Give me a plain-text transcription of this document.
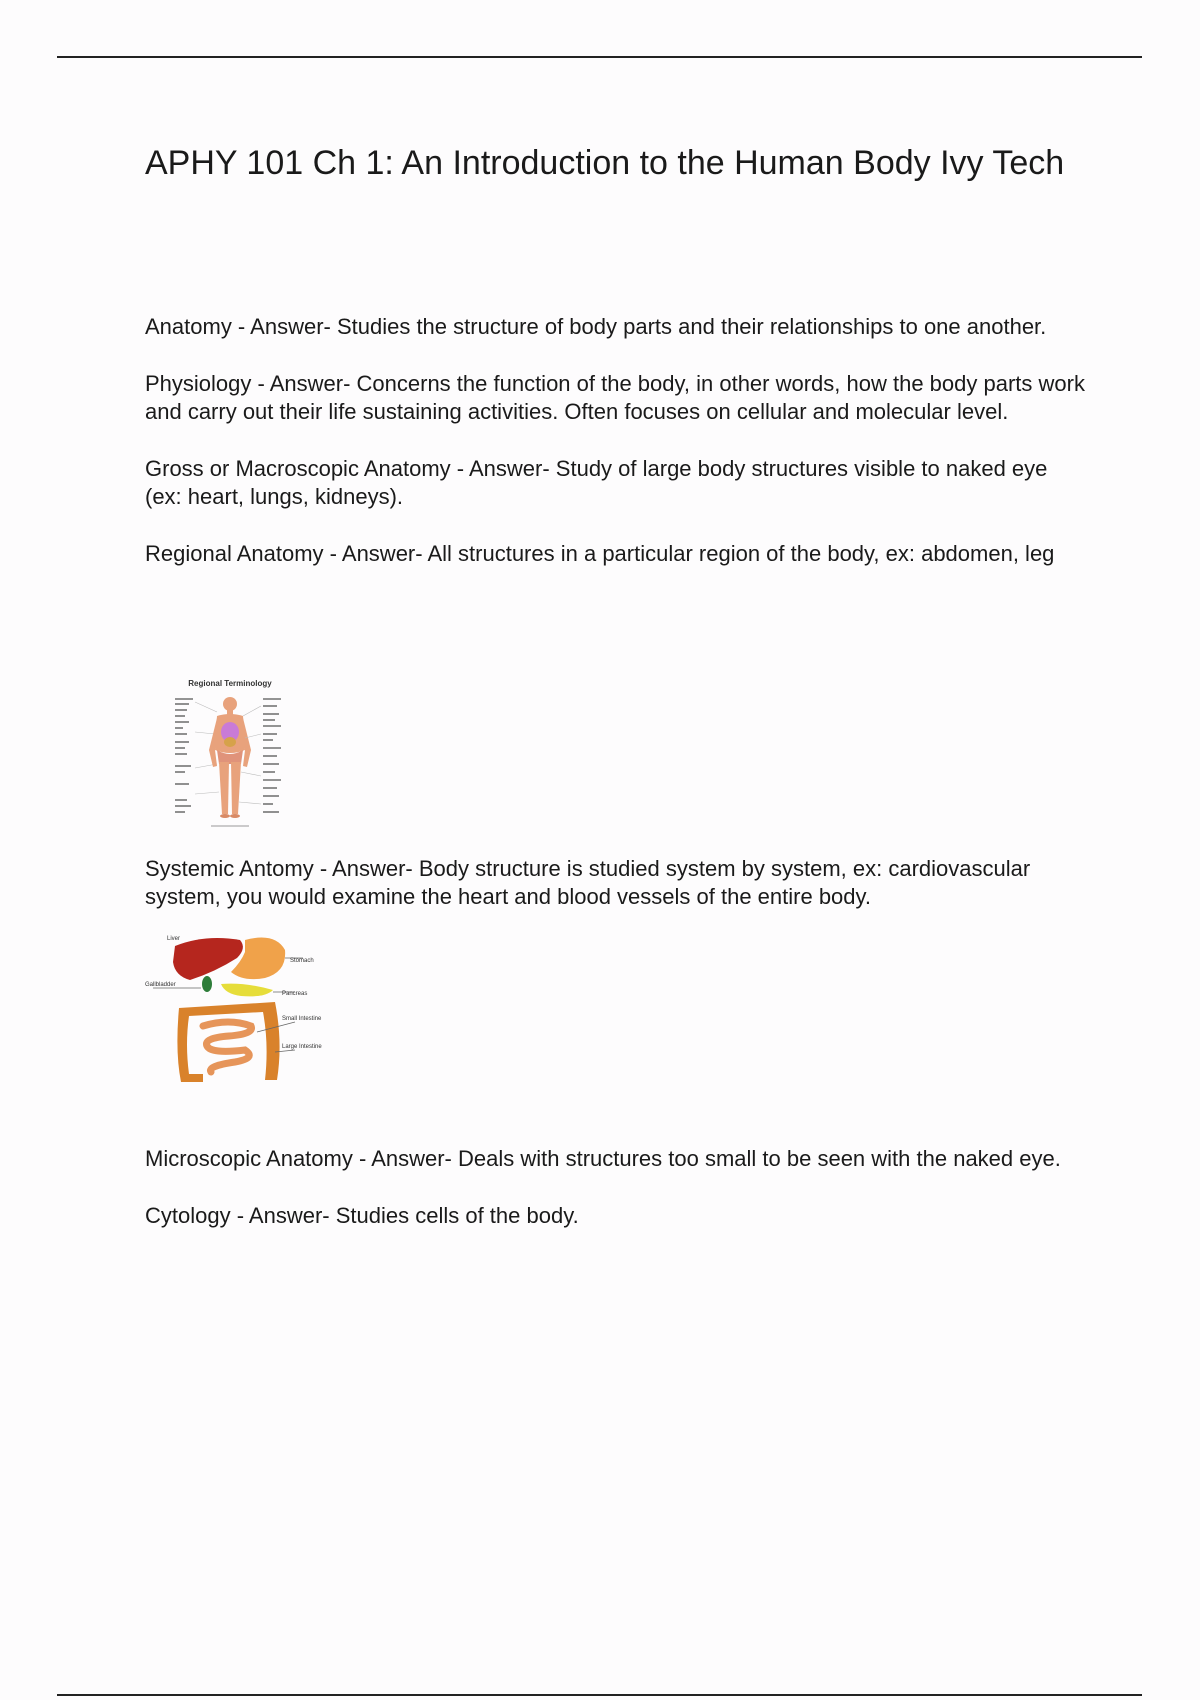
APHY 101 Ch 1: An Introduction to the Human Body Ivy Tech

Anatomy - Answer- Studies the structure of body parts and their relationships to one another.

Physiology - Answer- Concerns the function of the body, in other words, how the body parts work and carry out their life sustaining activities. Often focuses on cellular and molecular level.

Gross or Macroscopic Anatomy - Answer- Study of large body structures visible to naked eye (ex: heart, lungs, kidneys).

Regional Anatomy - Answer- All structures in a particular region of the body, ex: abdomen, leg

Regional Terminology

Systemic Antomy - Answer- Body structure is studied system by system, ex: cardiovascular system, you would examine the heart and blood vessels of the entire body.

Liver
Stomach
Gallbladder
Pancreas
Small Intestine
Large Intestine

Microscopic Anatomy - Answer- Deals with structures too small to be seen with the naked eye.

Cytology - Answer- Studies cells of the body.
